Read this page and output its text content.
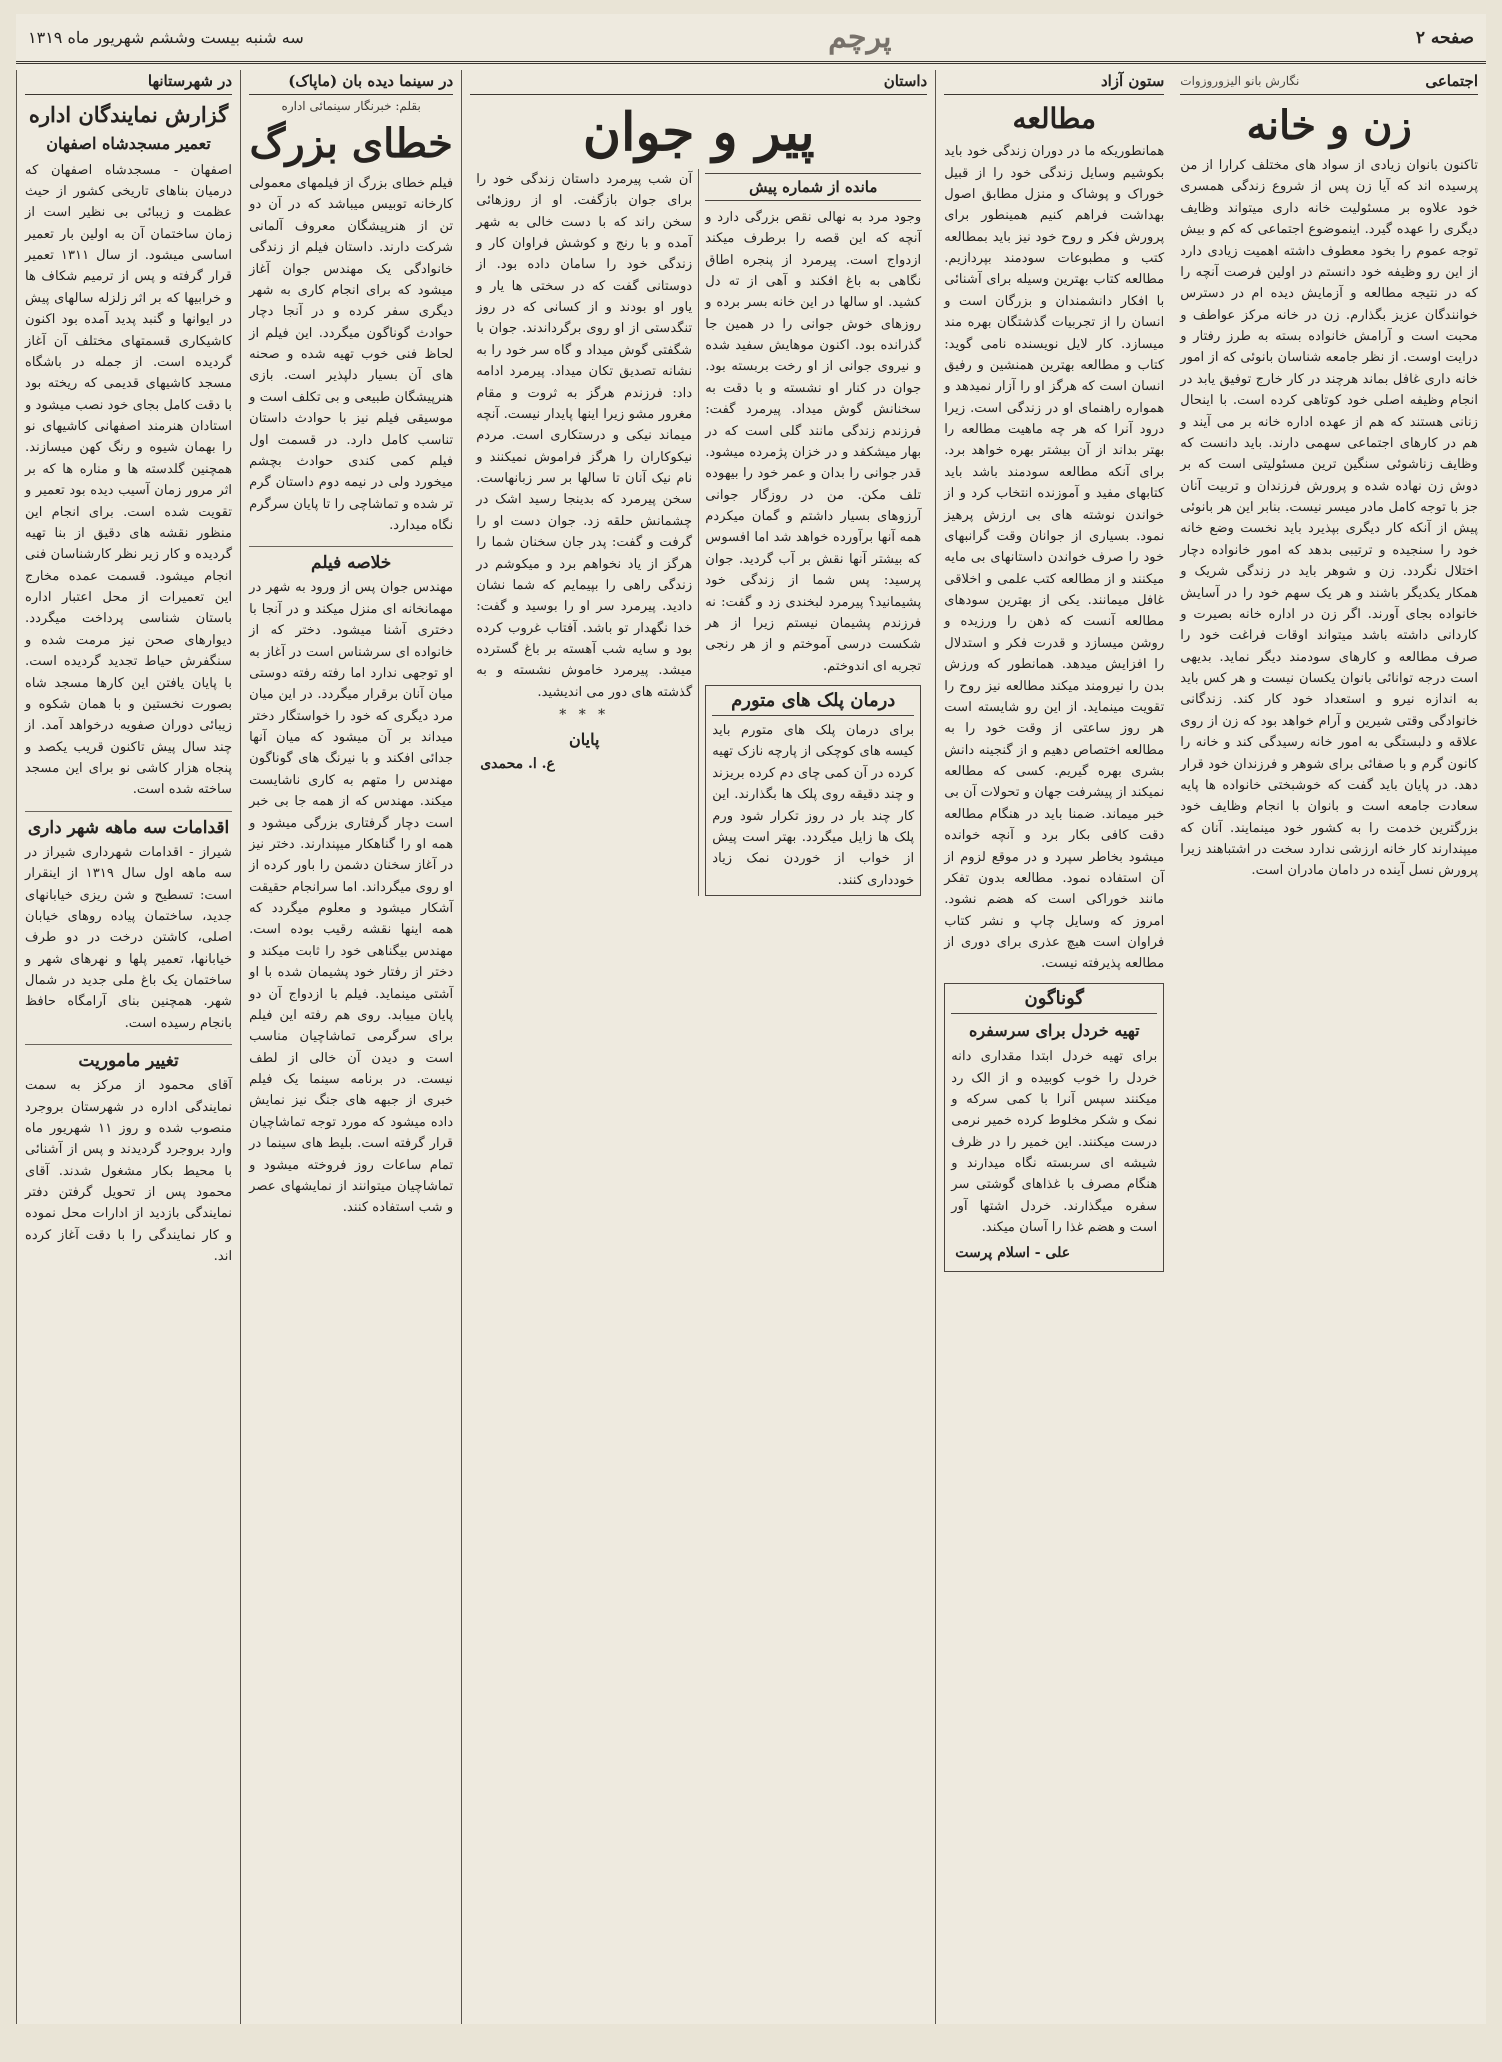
صفحه ۲
پرچم
سه شنبه بیست وششم شهریور ماه ۱۳۱۹
اجتماعی
نگارش بانو الیزوروزوات
زن و خانه

تاکنون بانوان زیادی از سواد های مختلف کرارا از من پرسیده اند که آیا زن پس از شروع زندگی همسری خود علاوه بر مسئولیت خانه داری میتواند وظایف دیگری را عهده گیرد. اینموضوع اجتماعی که کم و بیش توجه عموم را بخود معطوف داشته اهمیت زیادی دارد از این رو وظیفه خود دانستم در اولین فرصت آنچه را که در نتیجه مطالعه و آزمایش دیده ام در دسترس خوانندگان عزیز بگذارم. زن در خانه مرکز عواطف و محبت است و آرامش خانواده بسته به طرز رفتار و درایت اوست. از نظر جامعه شناسان بانوئی که از امور خانه داری غافل بماند هرچند در کار خارج توفیق یابد در انجام وظیفه اصلی خود کوتاهی کرده است. با اینحال زنانی هستند که هم از عهده اداره خانه بر می آیند و هم در کارهای اجتماعی سهمی دارند. باید دانست که وظایف زناشوئی سنگین ترین مسئولیتی است که بر دوش زن نهاده شده و پرورش فرزندان و تربیت آنان جز با توجه کامل مادر میسر نیست. بنابر این هر بانوئی پیش از آنکه کار دیگری بپذیرد باید نخست وضع خانه خود را سنجیده و ترتیبی بدهد که امور خانواده دچار اختلال نگردد. زن و شوهر باید در زندگی شریک و همکار یکدیگر باشند و هر یک سهم خود را در آسایش خانواده بجای آورند. اگر زن در اداره خانه بصیرت و کاردانی داشته باشد میتواند اوقات فراغت خود را صرف مطالعه و کارهای سودمند دیگر نماید. بدیهی است درجه توانائی بانوان یکسان نیست و هر کس باید به اندازه نیرو و استعداد خود کار کند. زندگانی خانوادگی وقتی شیرین و آرام خواهد بود که زن از روی علاقه و دلبستگی به امور خانه رسیدگی کند و خانه را کانون گرم و با صفائی برای شوهر و فرزندان خود قرار دهد. در پایان باید گفت که خوشبختی خانواده ها پایه سعادت جامعه است و بانوان با انجام وظایف خود بزرگترین خدمت را به کشور خود مینمایند. آنان که میپندارند کار خانه ارزشی ندارد سخت در اشتباهند زیرا پرورش نسل آینده در دامان مادران است.

ستون آزاد
مطالعه

همانطوریکه ما در دوران زندگی خود باید بکوشیم وسایل زندگی خود را از قبیل خوراک و پوشاک و منزل مطابق اصول بهداشت فراهم کنیم همینطور برای پرورش فکر و روح خود نیز باید بمطالعه کتب و مطبوعات سودمند بپردازیم. مطالعه کتاب بهترین وسیله برای آشنائی با افکار دانشمندان و بزرگان است و انسان را از تجربیات گذشتگان بهره مند میسازد. کار لایل نویسنده نامی گوید: کتاب و مطالعه بهترین همنشین و رفیق انسان است که هرگز او را آزار نمیدهد و همواره راهنمای او در زندگی است. زیرا درود آنرا که هر چه ماهیت مطالعه را بهتر بداند از آن بیشتر بهره خواهد برد. برای آنکه مطالعه سودمند باشد باید کتابهای مفید و آموزنده انتخاب کرد و از خواندن نوشته های بی ارزش پرهیز نمود. بسیاری از جوانان وقت گرانبهای خود را صرف خواندن داستانهای بی مایه میکنند و از مطالعه کتب علمی و اخلاقی غافل میمانند. یکی از بهترین سودهای مطالعه آنست که ذهن را ورزیده و روشن میسازد و قدرت فکر و استدلال را افزایش میدهد. همانطور که ورزش بدن را نیرومند میکند مطالعه نیز روح را تقویت مینماید. از این رو شایسته است هر روز ساعتی از وقت خود را به مطالعه اختصاص دهیم و از گنجینه دانش بشری بهره گیریم. کسی که مطالعه نمیکند از پیشرفت جهان و تحولات آن بی خبر میماند. ضمنا باید در هنگام مطالعه دقت کافی بکار برد و آنچه خوانده میشود بخاطر سپرد و در موقع لزوم از آن استفاده نمود. مطالعه بدون تفکر مانند خوراکی است که هضم نشود. امروز که وسایل چاپ و نشر کتاب فراوان است هیچ عذری برای دوری از مطالعه پذیرفته نیست.

گوناگون
تهیه خردل برای سرسفره

برای تهیه خردل ابتدا مقداری دانه خردل را خوب کوبیده و از الک رد میکنند سپس آنرا با کمی سرکه و نمک و شکر مخلوط کرده خمیر نرمی درست میکنند. این خمیر را در ظرف شیشه ای سربسته نگاه میدارند و هنگام مصرف با غذاهای گوشتی سر سفره میگذارند. خردل اشتها آور است و هضم غذا را آسان میکند.

علی - اسلام پرست
داستان
پیر و جوان
مانده از شماره پیش

وجود مرد به نهالی نقص بزرگی دارد و آنچه که این قصه را برطرف میکند ازدواج است. پیرمرد از پنجره اطاق نگاهی به باغ افکند و آهی از ته دل کشید. او سالها در این خانه بسر برده و روزهای خوش جوانی را در همین جا گذرانده بود. اکنون موهایش سفید شده و نیروی جوانی از او رخت بربسته بود. جوان در کنار او نشسته و با دقت به سخنانش گوش میداد. پیرمرد گفت: فرزندم زندگی مانند گلی است که در بهار میشکفد و در خزان پژمرده میشود. قدر جوانی را بدان و عمر خود را بیهوده تلف مکن. من در روزگار جوانی آرزوهای بسیار داشتم و گمان میکردم همه آنها برآورده خواهد شد اما افسوس که بیشتر آنها نقش بر آب گردید. جوان پرسید: پس شما از زندگی خود پشیمانید؟ پیرمرد لبخندی زد و گفت: نه فرزندم پشیمان نیستم زیرا از هر شکست درسی آموختم و از هر رنجی تجربه ای اندوختم.

درمان پلک های متورم

برای درمان پلک های متورم باید کیسه های کوچکی از پارچه نازک تهیه کرده در آن کمی چای دم کرده بریزند و چند دقیقه روی پلک ها بگذارند. این کار چند بار در روز تکرار شود ورم پلک ها زایل میگردد. بهتر است پیش از خواب از خوردن نمک زیاد خودداری کنند.

آن شب پیرمرد داستان زندگی خود را برای جوان بازگفت. او از روزهائی سخن راند که با دست خالی به شهر آمده و با رنج و کوشش فراوان کار و زندگی خود را سامان داده بود. از دوستانی گفت که در سختی ها یار و یاور او بودند و از کسانی که در روز تنگدستی از او روی برگرداندند. جوان با شگفتی گوش میداد و گاه سر خود را به نشانه تصدیق تکان میداد. پیرمرد ادامه داد: فرزندم هرگز به ثروت و مقام مغرور مشو زیرا اینها پایدار نیست. آنچه میماند نیکی و درستکاری است. مردم نیکوکاران را هرگز فراموش نمیکنند و نام نیک آنان تا سالها بر سر زبانهاست. سخن پیرمرد که بدینجا رسید اشک در چشمانش حلقه زد. جوان دست او را گرفت و گفت: پدر جان سخنان شما را هرگز از یاد نخواهم برد و میکوشم در زندگی راهی را بپیمایم که شما نشان دادید. پیرمرد سر او را بوسید و گفت: خدا نگهدار تو باشد. آفتاب غروب کرده بود و سایه شب آهسته بر باغ گسترده میشد. پیرمرد خاموش نشسته و به گذشته های دور می اندیشید.

* * *
پایان
ع. ا. محمدی
در سینما دیده بان (ماپاک)
بقلم: خبرنگار سینمائی اداره
خطای بزرگ

فیلم خطای بزرگ از فیلمهای معمولی کارخانه توبیس میباشد که در آن دو تن از هنرپیشگان معروف آلمانی شرکت دارند. داستان فیلم از زندگی خانوادگی یک مهندس جوان آغاز میشود که برای انجام کاری به شهر دیگری سفر کرده و در آنجا دچار حوادث گوناگون میگردد. این فیلم از لحاظ فنی خوب تهیه شده و صحنه های آن بسیار دلپذیر است. بازی هنرپیشگان طبیعی و بی تکلف است و موسیقی فیلم نیز با حوادث داستان تناسب کامل دارد. در قسمت اول فیلم کمی کندی حوادث بچشم میخورد ولی در نیمه دوم داستان گرم تر شده و تماشاچی را تا پایان سرگرم نگاه میدارد.

خلاصه فیلم

مهندس جوان پس از ورود به شهر در مهمانخانه ای منزل میکند و در آنجا با دختری آشنا میشود. دختر که از خانواده ای سرشناس است در آغاز به او توجهی ندارد اما رفته رفته دوستی میان آنان برقرار میگردد. در این میان مرد دیگری که خود را خواستگار دختر میداند بر آن میشود که میان آنها جدائی افکند و با نیرنگ های گوناگون مهندس را متهم به کاری ناشایست میکند. مهندس که از همه جا بی خبر است دچار گرفتاری بزرگی میشود و همه او را گناهکار میپندارند. دختر نیز در آغاز سخنان دشمن را باور کرده از او روی میگرداند. اما سرانجام حقیقت آشکار میشود و معلوم میگردد که همه اینها نقشه رقیب بوده است. مهندس بیگناهی خود را ثابت میکند و دختر از رفتار خود پشیمان شده با او آشتی مینماید. فیلم با ازدواج آن دو پایان مییابد. روی هم رفته این فیلم برای سرگرمی تماشاچیان مناسب است و دیدن آن خالی از لطف نیست. در برنامه سینما یک فیلم خبری از جبهه های جنگ نیز نمایش داده میشود که مورد توجه تماشاچیان قرار گرفته است. بلیط های سینما در تمام ساعات روز فروخته میشود و تماشاچیان میتوانند از نمایشهای عصر و شب استفاده کنند.

در شهرستانها
گزارش نمایندگان اداره
تعمیر مسجدشاه اصفهان

اصفهان - مسجدشاه اصفهان که درمیان بناهای تاریخی کشور از حیث عظمت و زیبائی بی نظیر است از زمان ساختمان آن به اولین بار تعمیر اساسی میشود. از سال ۱۳۱۱ تعمیر قرار گرفته و پس از ترمیم شکاف ها و خرابیها که بر اثر زلزله سالهای پیش در ایوانها و گنبد پدید آمده بود اکنون کاشیکاری قسمتهای مختلف آن آغاز گردیده است. از جمله در باشگاه مسجد کاشیهای قدیمی که ریخته بود با دقت کامل بجای خود نصب میشود و استادان هنرمند اصفهانی کاشیهای نو را بهمان شیوه و رنگ کهن میسازند. همچنین گلدسته ها و مناره ها که بر اثر مرور زمان آسیب دیده بود تعمیر و تقویت شده است. برای انجام این منظور نقشه های دقیق از بنا تهیه گردیده و کار زیر نظر کارشناسان فنی انجام میشود. قسمت عمده مخارج این تعمیرات از محل اعتبار اداره باستان شناسی پرداخت میگردد. دیوارهای صحن نیز مرمت شده و سنگفرش حیاط تجدید گردیده است. با پایان یافتن این کارها مسجد شاه بصورت نخستین و با همان شکوه و زیبائی دوران صفویه درخواهد آمد. از چند سال پیش تاکنون قریب یکصد و پنجاه هزار کاشی نو برای این مسجد ساخته شده است.

اقدامات سه ماهه شهر داری

شیراز - اقدامات شهرداری شیراز در سه ماهه اول سال ۱۳۱۹ از اینقرار است: تسطیح و شن ریزی خیابانهای جدید، ساختمان پیاده روهای خیابان اصلی، کاشتن درخت در دو طرف خیابانها، تعمیر پلها و نهرهای شهر و ساختمان یک باغ ملی جدید در شمال شهر. همچنین بنای آرامگاه حافظ بانجام رسیده است.

تغییر ماموریت

آقای محمود از مرکز به سمت نمایندگی اداره در شهرستان بروجرد منصوب شده و روز ۱۱ شهریور ماه وارد بروجرد گردیدند و پس از آشنائی با محیط بکار مشغول شدند. آقای محمود پس از تحویل گرفتن دفتر نمایندگی بازدید از ادارات محل نموده و کار نمایندگی را با دقت آغاز کرده اند.
